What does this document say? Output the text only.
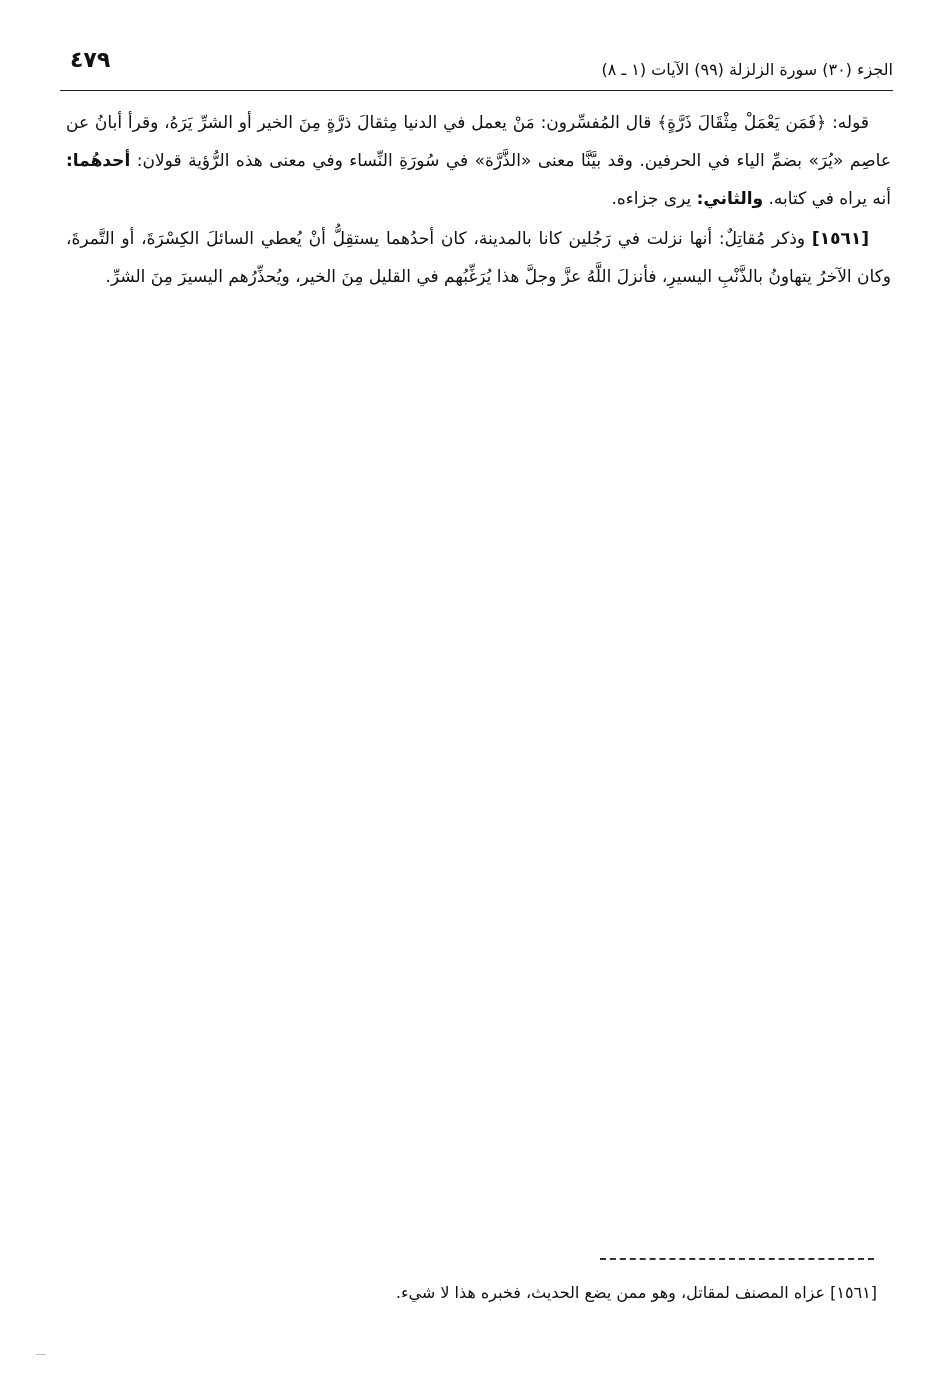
الجزء (٣٠) سورة الزلزلة (٩٩) الآيات (١ ـ ٨)
٤٧٩

قوله: ﴿فَمَن يَعْمَلْ مِثْقَالَ ذَرَّةٍ﴾ قال المُفسِّرون: مَنْ يعمل في الدنيا مِثقالَ ذرَّةٍ مِنَ الخير أو الشرِّ يَرَهُ، وقرأ أبانُ عن عاصِم «يُرَ» بضمِّ الياء في الحرفين. وقد بيَّنَّا معنى «الذَّرَّة» في سُورَةِ النِّساء وفي معنى هذه الرُّؤية قولان: أحدهُما: أنه يراه في كتابه. والثاني: يرى جزاءه.

[١٥٦١] وذكر مُقاتِلٌ: أنها نزلت في رَجُلين كانا بالمدينة، كان أحدُهما يستقِلُّ أنْ يُعطي السائلَ الكِسْرَةَ، أو التَّمرةَ، وكان الآخرُ يتهاونُ بالذَّنْبِ اليسيرِ، فأنزلَ اللَّهُ عزَّ وجلَّ هذا يُرَغِّبُهم في القليل مِنَ الخير، ويُحذِّرُهم اليسيرَ مِنَ الشرِّ.

[١٥٦١] عزاه المصنف لمقاتل، وهو ممن يضع الحديث، فخبره هذا لا شيء.
